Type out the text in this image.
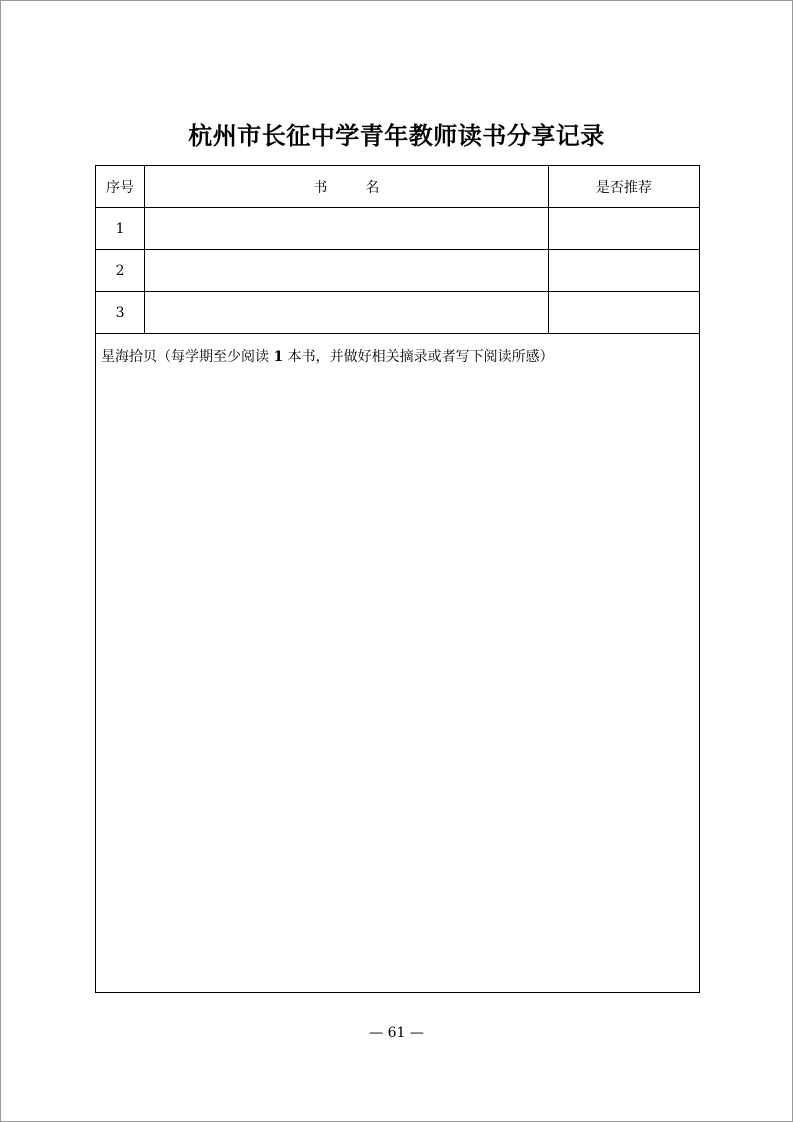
杭州市长征中学青年教师读书分享记录
序号	书 名	是否推荐
1		
2		
3		

星海拾贝（每学期至少阅读 1 本书，并做好相关摘录或者写下阅读所感）		
— 61 —
